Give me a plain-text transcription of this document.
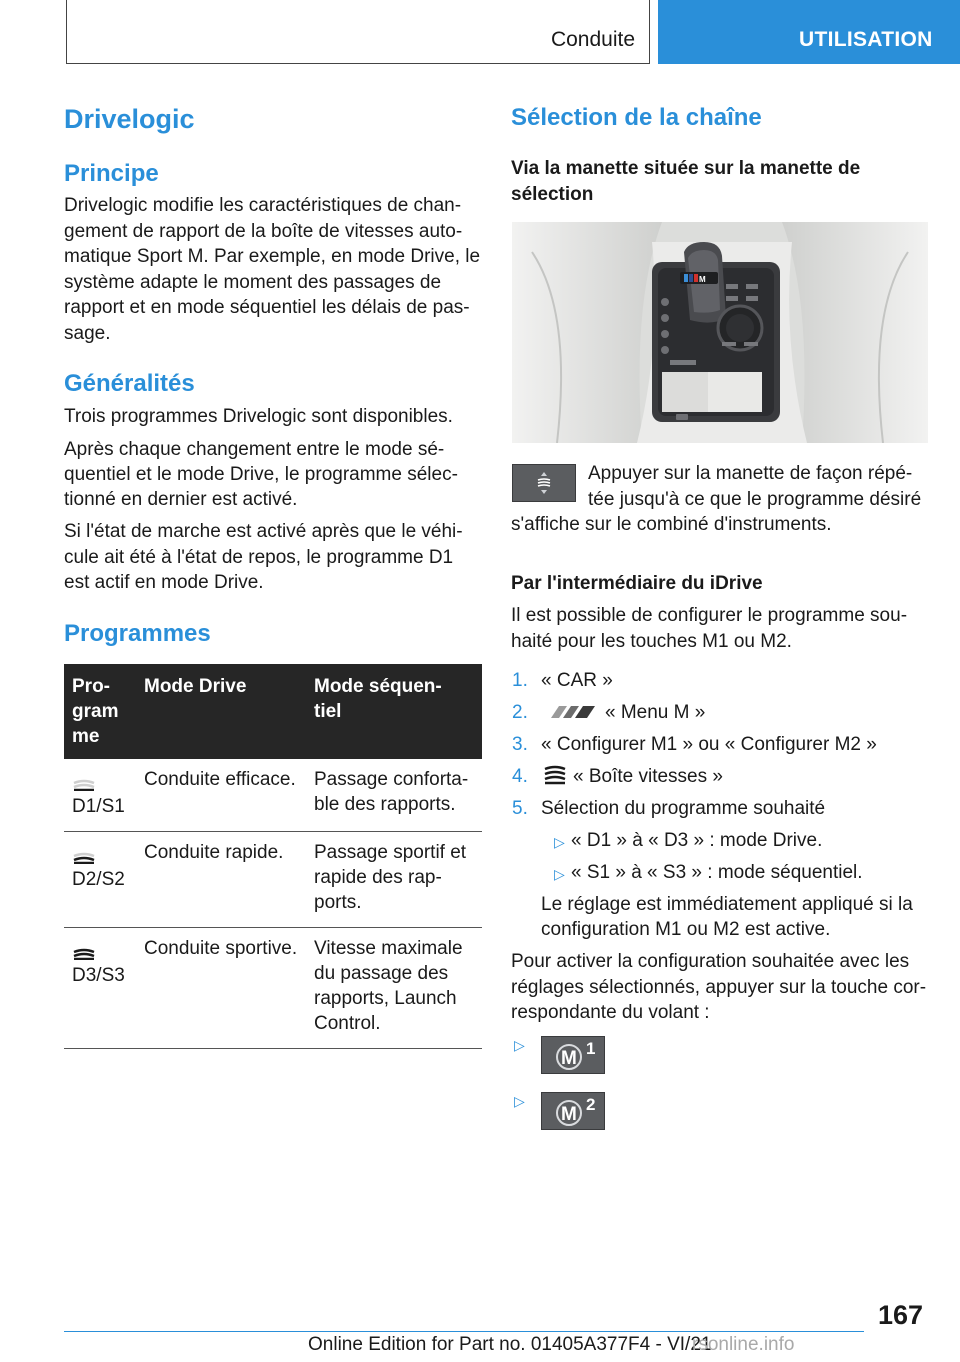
Conduite	UTILISATION
Drivelogic
Principe

Drivelogic modifie les caractéristiques de chan-

gement de rapport de la boîte de vitesses auto-

matique Sport M. Par exemple, en mode Drive, le

système adapte le moment des passages de

rapport et en mode séquentiel les délais de pas-

sage.

Généralités

Trois programmes Drivelogic sont disponibles.

Après chaque changement entre le mode sé-

quentiel et le mode Drive, le programme sélec-

tionné en dernier est activé.

Si l'état de marche est activé après que le véhi-

cule ait été à l'état de repos, le programme D1

est actif en mode Drive.

Programmes
Pro-
gram
me	Mode Drive	Mode séquen-
tiel

D1/S1	Conduite efficace.	Passage conforta-
ble des rapports.

D2/S2	Conduite rapide.	Passage sportif et
rapide des rap-
ports.

D3/S3	Conduite sportive.	Vitesse maximale
du passage des
rapports, Launch
Control.
Sélection de la chaîne
Via la manette située sur la manette de
sélection
M

Appuyer sur la manette de façon répé-

tée jusqu'à ce que le programme désiré

s'affiche sur le combiné d'instruments.

Par l'intermédiaire du iDrive

Il est possible de configurer le programme sou-

haité pour les touches M1 ou M2.

1. « CAR »
2.	« Menu M »
3. « Configurer M1 » ou « Configurer M2 »
4. « Boîte vitesses »
5. Sélection du programme souhaité
▷ « D1 » à « D3 » : mode Drive.
▷ « S1 » à « S3 » : mode séquentiel.

Le réglage est immédiatement appliqué si la

configuration M1 ou M2 est active.

Pour activer la configuration souhaitée avec les

réglages sélectionnés, appuyer sur la touche cor-

respondante du volant :

▷
M 1
▷
M 2
167
Online Edition for Part no. 01405A377F4 - VI/21
rsonline.info
